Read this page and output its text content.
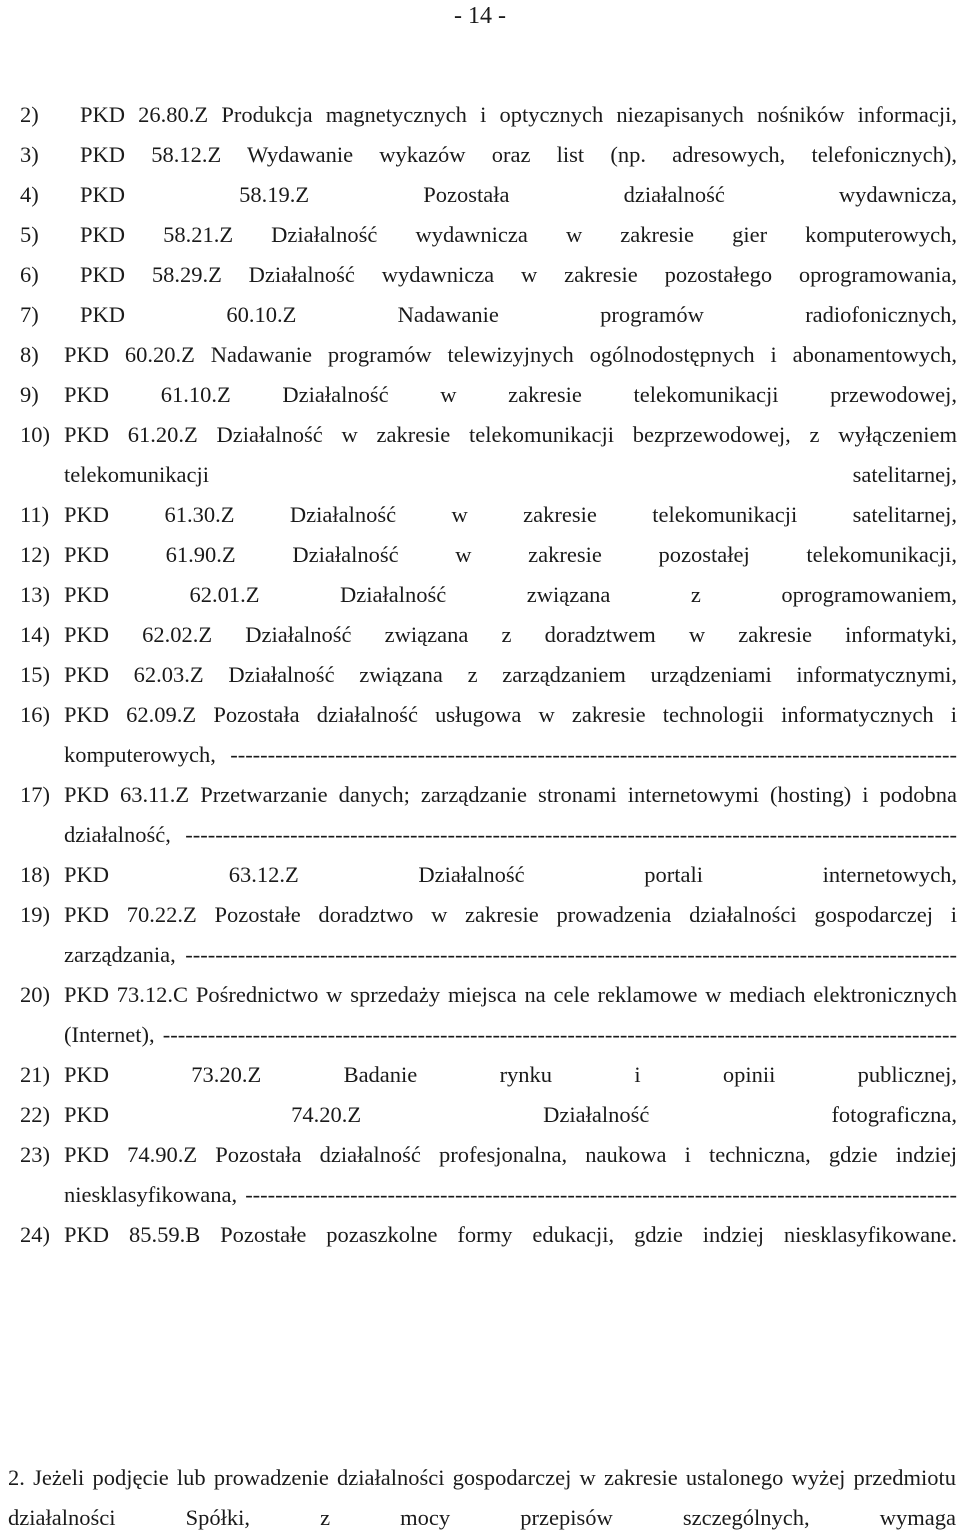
- 14 -
2) PKD 26.80.Z Produkcja magnetycznych i optycznych niezapisanych nośników informacji,
3) PKD 58.12.Z Wydawanie wykazów oraz list (np. adresowych, telefonicznych),
4) PKD 58.19.Z Pozostała działalność wydawnicza,
5) PKD 58.21.Z Działalność wydawnicza w zakresie gier komputerowych,
6) PKD 58.29.Z Działalność wydawnicza w zakresie pozostałego oprogramowania,
7) PKD 60.10.Z Nadawanie programów radiofonicznych,
8) PKD 60.20.Z Nadawanie programów telewizyjnych ogólnodostępnych i abonamentowych,
9) PKD 61.10.Z Działalność w zakresie telekomunikacji przewodowej,
10) PKD 61.20.Z Działalność w zakresie telekomunikacji bezprzewodowej, z wyłączeniem telekomunikacji satelitarnej,
11) PKD 61.30.Z Działalność w zakresie telekomunikacji satelitarnej,
12) PKD 61.90.Z Działalność w zakresie pozostałej telekomunikacji,
13) PKD 62.01.Z Działalność związana z oprogramowaniem,
14) PKD 62.02.Z Działalność związana z doradztwem w zakresie informatyki,
15) PKD 62.03.Z Działalność związana z zarządzaniem urządzeniami informatycznymi,
16) PKD 62.09.Z Pozostała działalność usługowa w zakresie technologii informatycznych i komputerowych, -------------------------------------------------------------------------------------------------
17) PKD 63.11.Z Przetwarzanie danych; zarządzanie stronami internetowymi (hosting) i podobna działalność, -------------------------------------------------------------------------------------------------------
18) PKD 63.12.Z Działalność portali internetowych,
19) PKD 70.22.Z Pozostałe doradztwo w zakresie prowadzenia działalności gospodarczej i zarządzania, -------------------------------------------------------------------------------------------------------
20) PKD 73.12.C Pośrednictwo w sprzedaży miejsca na cele reklamowe w mediach elektronicznych (Internet), ----------------------------------------------------------------------------------------------------------
21) PKD 73.20.Z Badanie rynku i opinii publicznej,
22) PKD 74.20.Z Działalność fotograficzna,
23) PKD 74.90.Z Pozostała działalność profesjonalna, naukowa i techniczna, gdzie indziej niesklasyfikowana, -----------------------------------------------------------------------------------------------
24) PKD 85.59.B Pozostałe pozaszkolne formy edukacji, gdzie indziej niesklasyfikowane.
2. Jeżeli podjęcie lub prowadzenie działalności gospodarczej w zakresie ustalonego wyżej przedmiotu działalności Spółki, z mocy przepisów szczególnych, wymaga
